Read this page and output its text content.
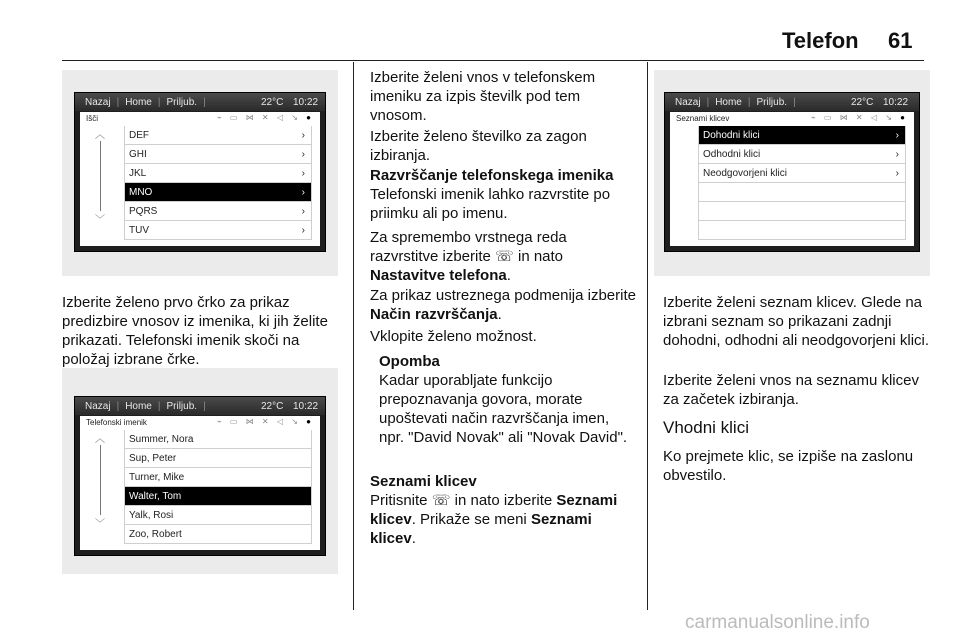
Telefon 61
Nazaj | Home | Priljub. |	22°C 10:22
Išči	⌁ ▭ ⋈ ✕ ◁ ↘ ●
︿
﹀
DEF	›
GHI	›
JKL	›
MNO	›
PQRS	›
TUV	›
Nazaj | Home | Priljub. |	22°C 10:22
Telefonski imenik	⌁ ▭ ⋈ ✕ ◁ ↘ ●
︿
﹀
Summer, Nora
Sup, Peter
Turner, Mike
Walter, Tom
Yalk, Rosi
Zoo, Robert
Nazaj | Home | Priljub. |	22°C 10:22
Seznami klicev	⌁ ▭ ⋈ ✕ ◁ ↘ ●
Dohodni klici	›
Odhodni klici	›
Neodgovorjeni klici	›
Izberite želeno prvo črko za prikaz predizbire vnosov iz imenika, ki jih želite prikazati. Telefonski imenik skoči na položaj izbrane črke.
Izberite želeni vnos v telefonskem imeniku za izpis številk pod tem vnosom.
Izberite želeno številko za zagon izbiranja.
Razvrščanje telefonskega imenika
Telefonski imenik lahko razvrstite po priimku ali po imenu.
Za spremembo vrstnega reda razvrstitve izberite ☏ in nato Nastavitve telefona.
Za prikaz ustreznega podmenija izberite Način razvrščanja.
Vklopite želeno možnost.
Opomba
Kadar uporabljate funkcijo prepoznavanja govora, morate upoštevati način razvrščanja imen, npr. "David Novak" ali "Novak David".
Seznami klicev
Pritisnite ☏ in nato izberite Seznami klicev. Prikaže se meni Seznami klicev.
Izberite želeni seznam klicev. Glede na izbrani seznam so prikazani zadnji dohodni, odhodni ali neodgovorjeni klici.
Izberite želeni vnos na seznamu klicev za začetek izbiranja.
Vhodni klici
Ko prejmete klic, se izpiše na zaslonu obvestilo.
carmanualsonline.info
